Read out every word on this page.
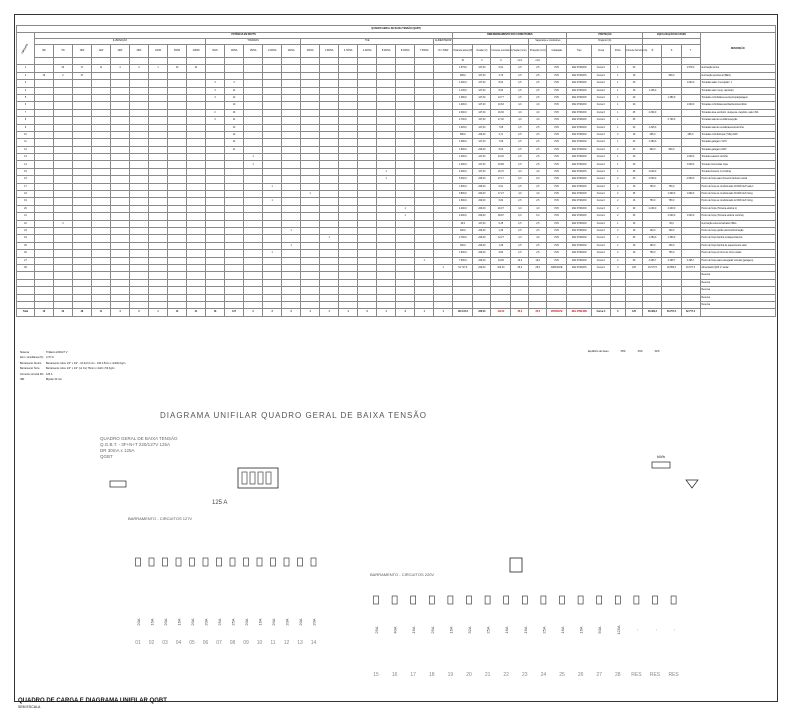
QUADRO GERAL DE BAIXA TENSÃO (QGBT)																																				
CIRCUITO	POTÊNCIA EM WATTS																						DIMENSIONAMENTO DOS CONDUTORES						PROTEÇÃO				EQUALIZAÇÃO DE FASES			DESCRIÇÃO
	ILUMINAÇÃO									TOMADAS					TUE							ALIMENTADOR					Segurança e condutores		Disjuntor (A)							
	9W	7W	15W	12W	20W	25W	100W	500W	1150W	60VA	100VA	150VA	1.000VA	200VA	300VA	1.500VA	2.700VA	4.400VA	5.000VA	6.000VA	7.500VA	IN / 700W	Potência ativa (W)	Tensão (V)	Corrente nominal (A)	Seção (mm²)	Proteção (mm²)	Instalação	Tipo	Curva	Pólos	Corrente Nominal (A)	R	S	T	
																							W	V	A	mm²	mm²									
1		20	17	11	4	2	1	10	21														1.579,0	127,00	6,61	2,5	2,5	PVC	Mini DTM-DIN	Curva C	1	20			1.579,0	iluminação térreo
2	16	2	37																				909,0	127,00	3,73	2,5	2,5	PVC	Mini DTM-DIN	Curva C	1	16		909,0		iluminação pavimento (BEG)
3										3	3												1.000,0	127,00	8,02	2,5	2,5	PVC	Mini DTM-DIN	Curva C	1	20			1.000,0	Tomadas salas 1 recepção / 1
4										3	11												1.135,0	127,00	8,63	2,5	2,5	PVC	Mini DTM-DIN	Curva C	1	16	1.135,0			Tomadas sala 1 (eng. depósito)
5										3	12												1.380,0	127,00	10,77	2,5	2,5	PVC	Mini DTM-DIN	Curva C	1	20		1.380,0		Tomadas cozinha/área serviço/copa/garagem
6											10												1.000,0	127,00	10,63	4,0	4,0	PVC	Mini DTM-DIN	Curva C	1	20			1.000,0	Tomadas cozinha/acesso/banheiro/escritório
7										2	16												2.300,0	127,00	16,36	4,0	4,0	PVC	Mini DTM-DIN	Curva C	1	25	2.300,0			Tomadas área escritório, despensa, depósito, sala 1 BA
8										3	11												2.700,0	127,00	17,02	4,0	4,0	PVC	Mini DTM-DIN	Curva C	1	25		2.700,0		Tomadas sala de reunião/recepção
9											13												1.325,0	127,00	7,08	2,5	2,5	PVC	Mini DTM-DIN	Curva C	1	20	1.325,0			Tomadas sala de reunião/acesso/cozinha
10											12												590,0	220,00	2,71	2,5	2,5	PVC	Mini DTM-DIN	Curva C	2	16	295,0		295,0	Tomadas cozinha/copa (TUE) 220V
11											12												1.380,0	127,00	7,09	2,5	2,5	PVC	Mini DTM-DIN	Curva C	1	20	1.380,0			Tomadas garagem / ETC
12											11												1.800,0	220,00	8,02	2,5	2,5	PVC	Mini DTM-DIN	Curva C	2	20	900,0	900,0		Tomadas garagem 220V
13												1											1.000,0	127,00	10,32	2,5	2,5	PVC	Mini DTM-DIN	Curva C	1	20			1.000,0	Tomada exaustor cozinha
14												1											1.000,0	127,00	10,89	2,5	2,5	PVC	Mini DTM-DIN	Curva C	1	20			1.000,0	Tomada microondas copa
15																			1				2.000,0	127,00	16,70	4,0	4,0	PVC	Mini DTM-DIN	Curva C	1	25	2.000,0			Tomada chuveiro 1 (cozinha)
16																			1				5.000,0	220,00	27,17	6,0	6,0	PVC	Mini DTM-DIN	Curva C	2	40	2.500,0		2.500,0	Ponto de força para chuveiro banheiro social
17													1										1.500,0	220,00	6,61	2,5	2,5	PVC	Mini DTM-DIN	Curva C	2	16	750,0	750,0		Ponto de força ar condicionado 18.000 btu/h sala 1
18															1								3.800,0	220,00	17,27	4,0	4,0	PVC	Mini DTM-DIN	Curva C	2	25		1.900,0	1.900,0	Ponto de força ar condicionado 30.000 btu/h living
19													1										1.500,0	220,00	6,82	2,5	2,5	PVC	Mini DTM-DIN	Curva C	2	16	750,0	750,0		Ponto de força ar condicionado 12.000 btu/h living
20																				1			4.400,0	220,00	20,07	4,0	4,0	PVC	Mini DTM-DIN	Curva C	2	32	2.200,0	2.200,0		Ponto de força (Torneira elétrica 1)
21																				1			2.000,0	220,00	09,87	6,0	6,0	PVC	Mini DTM-DIN	Curva C	2	25		1.000,0	1.000,0	Ponto de força (Torneira elétrica cozinha)
22		3																					45,0	127,00	0,35	2,5	2,5	PVC	Mini DTM-DIN	Curva C	1	16		45,0		iluminação externa fachada / BEG
23														1									200,0	220,00	1,36	2,5	2,5	PVC	Mini DTM-DIN	Curva C	2	16	100,0	100,0		Ponto de força portão elétrico/Iluminação
24																1							2.700,0	220,00	12,27	4,0	4,0	PVC	Mini DTM-DIN	Curva C	2	25	1.350,0	1.350,0		Ponto de força bomba recalque/cisterna
25														1									300,0	220,00	1,36	2,5	2,5	PVC	Mini DTM-DIN	Curva C	2	16	150,0	150,0		Ponto de força bomba de aquecimento solar
26													1										1.500,0	220,00	6,82	2,5	2,5	PVC	Mini DTM-DIN	Curva C	2	16	750,0	750,0		Ponto de força p/ forno de micro-ondas
27																					1		7.500,0	220,00	34,09	10,0	10,0	PVC	Mini DTM-DIN	Curva C	2	50	3.465,7	3.465,7	3.465,7	Ponto de força para carregador veicular (garagem)
28																						1	51.717,6	220,00	100,33	25,0	25,0	EPR/XLPE	Mini DTM-DIN	Curva C	3	125	16.577,5	16.856,3	16.577,5	Alimentador QDF 1º andar
																																				Reserva
																																				Reserva
																																				Reserva
																																				Reserva
																																				Reserva
Total	16	22	48	11	4	2	1	10	21	18	137	2	3	2	1	1	1	2	1	2	1	1	101.617,6	220,00	111,00	35,0	35,0	EPR/XLPE	Mini DTM-DIN	Curva C	3	125	35.082,3	33.757,3	32.777,4	
Sistema	Trifásico 220/127 V
Dem. simultânea (%)	0,70 %
Barramento Neutro	Barramento cobre 1/4" x 1/2" - 10,0x2,0 mm - 160 A 5mm x 4x200 Kg/m
Barramento Terra	Barramento cobre 1/4" x 1/2" (x1 Cu) 76mm x 4x20 x 50 Kg/m
Corrente nominal DG 125 A
IDR	Bipolar 30 mA
Equilíbrio de fases	35%	33%	32%
DIAGRAMA UNIFILAR QUADRO GERAL DE BAIXA TENSÃO
QUADRO GERAL DE BAIXA TENSÃO
Q.G.B.T. - 3F+N+T 220/127V 125A
DR 30mA x 125A
QGBT	kWh
125 A
BARRAMENTO - CIRCUITOS 127V
BARRAMENTO - CIRCUITOS 220V
20A
01
16A
02
20A
03
16A
04
20A
05
20A
06
25A
07
25A
08
20A
09
16A
10
20A
11
20A
12
20A
13
20A
14
25A
15
40A
16
16A
17
25A
18
16A
19
32A
20
25A
21
16A
22
16A
23
25A
24
16A
25
16A
26
50A
27
125A
28
-
RES
-
RES
-
RES
QUADRO DE CARGA E DIAGRAMA UNIFILAR QGBT
SEM ESCALA
